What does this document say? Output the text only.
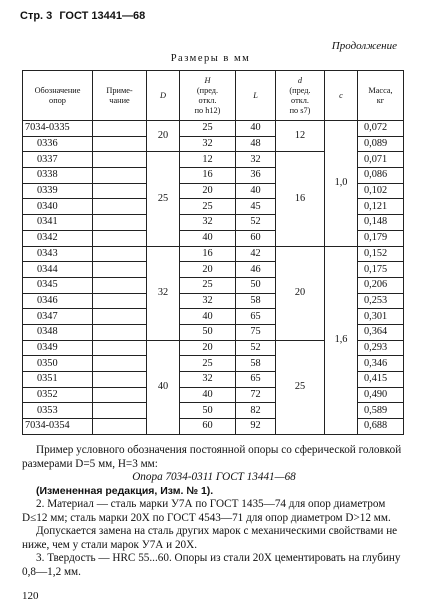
Стр. 3 ГОСТ 13441—68
Продолжение
Размеры в мм
Обозначение
опор	Приме-
чание	D	H
(пред.
откл.
по h12)	L	d
(пред.
откл.
по s7)	c	Масса,
кг
7034-0335		20	25	40	12	1,0	0,072
0336			32	48			0,089
0337		25	12	32	16		0,071
0338			16	36			0,086
0339			20	40			0,102
0340			25	45			0,121
0341			32	52			0,148
0342			40	60			0,179
0343		32	16	42	20	1,6	0,152
0344			20	46			0,175
0345			25	50			0,206
0346			32	58			0,253
0347			40	65			0,301
0348			50	75			0,364
0349		40	20	52	25		0,293
0350			25	58			0,346
0351			32	65			0,415
0352			40	72			0,490
0353			50	82			0,589
7034-0354			60	92			0,688

Пример условного обозначения постоянной опоры со сферической головкой размерами D=5 мм, H=3 мм:

Опора 7034-0311 ГОСТ 13441—68

(Измененная редакция, Изм. № 1).

2. Материал — сталь марки У7А по ГОСТ 1435—74 для опор диаметром D≤12 мм; сталь марки 20Х по ГОСТ 4543—71 для опор диаметром D>12 мм.

Допускается замена на сталь других марок с механическими свойствами не ниже, чем у стали марок У7А и 20Х.

3. Твердость — HRC 55...60. Опоры из стали 20Х цементировать на глубину 0,8—1,2 мм.

120
